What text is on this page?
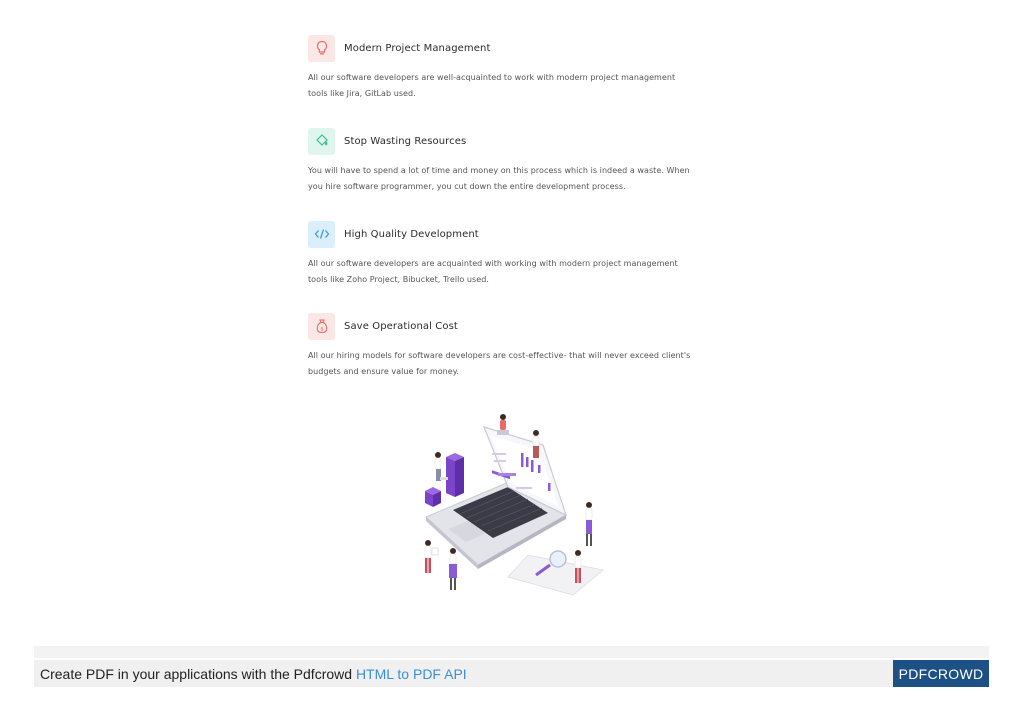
Modern Project Management
All our software developers are well-acquainted to work with modern project management
tools like Jira, GitLab used.
Stop Wasting Resources
You will have to spend a lot of time and money on this process which is indeed a waste. When
you hire software programmer, you cut down the entire development process.
High Quality Development
All our software developers are acquainted with working with modern project management
tools like Zoho Project, Bibucket, Trello used.
$ Save Operational Cost
All our hiring models for software developers are cost-effective- that will never exceed client's
budgets and ensure value for money.
Create PDF in your applications with the Pdfcrowd HTML to PDF API	PDFCROWD
